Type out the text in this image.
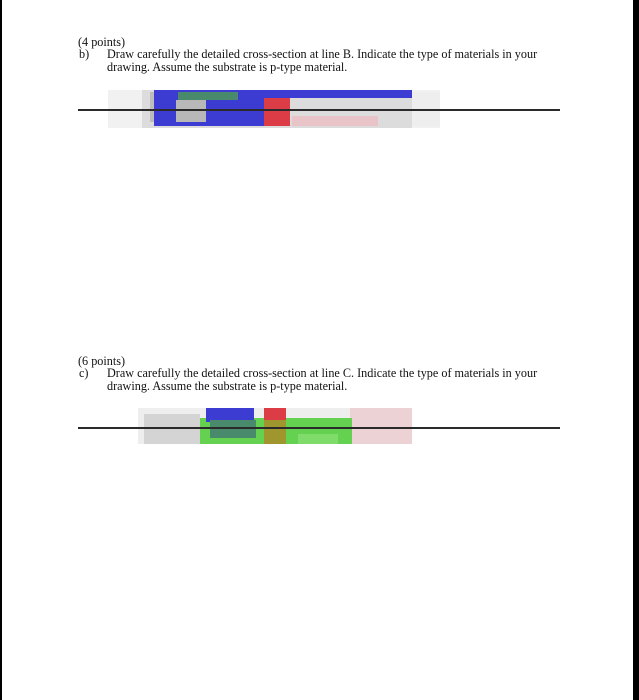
(4 points)
b) Draw carefully the detailed cross-section at line B. Indicate the type of materials in your
drawing. Assume the substrate is p-type material.
(6 points)
c) Draw carefully the detailed cross-section at line C. Indicate the type of materials in your
drawing. Assume the substrate is p-type material.
